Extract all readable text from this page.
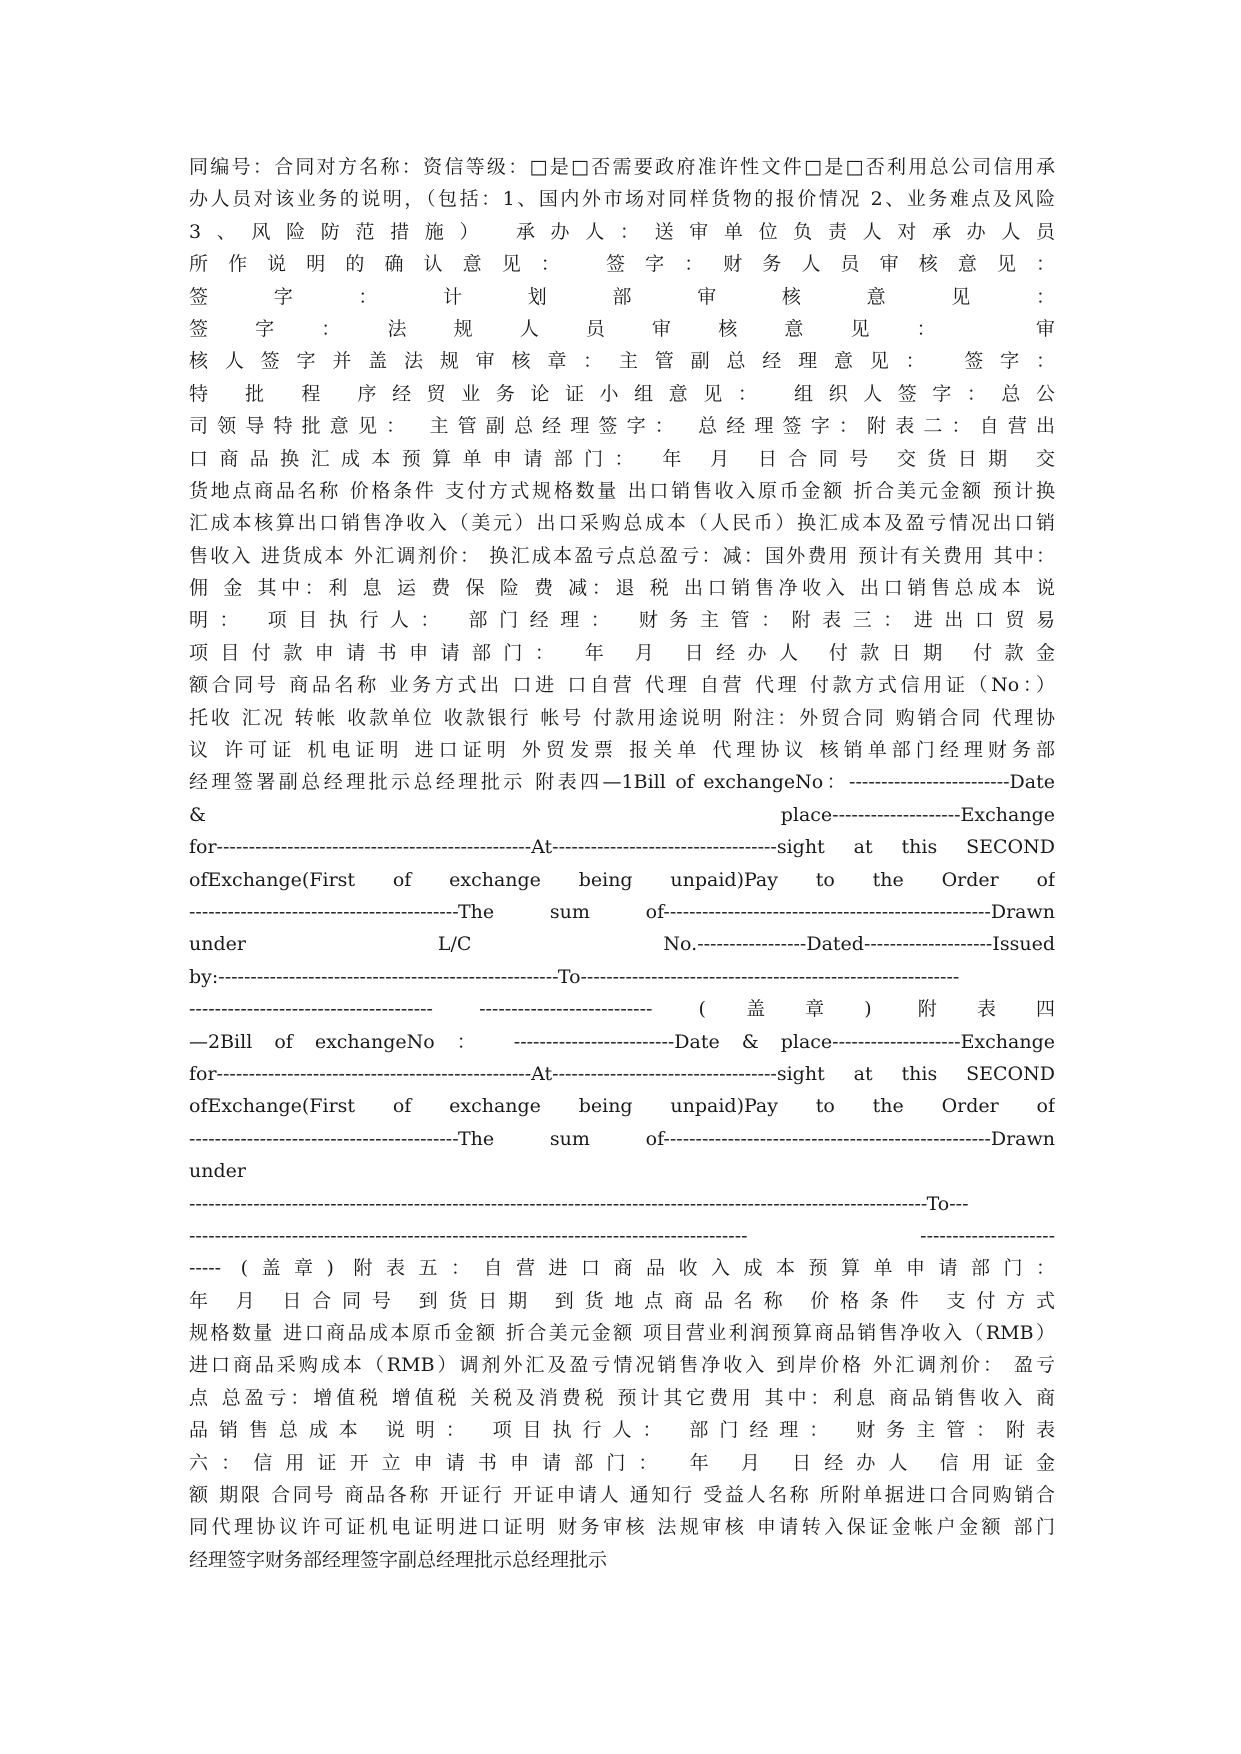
同编号：合同对方名称：资信等级：□是□否需要政府准许性文件□是□否利用总公司信用承
办人员对该业务的说明，（包括：1、国内外市场对同样货物的报价情况 2、业务难点及风险
3、风险防范措施） 承办人：送审单位负责人对承办人员
所作说明的确认意见： 签字：财务人员审核意见：
签 字 ： 计 划 部 审 核 意 见 ：
签字：法规人员审核意见： 审
核人签字并盖法规审核章：主管副总经理意见： 签字：
特 批 程 序经贸业务论证小组意见： 组织人签字：总公
司领导特批意见： 主管副总经理签字： 总经理签字：附表二：自营出
口商品换汇成本预算单申请部门： 年 月 日合同号 交货日期 交
货地点商品名称 价格条件 支付方式规格数量 出口销售收入原币金额 折合美元金额 预计换
汇成本核算出口销售净收入（美元）出口采购总成本（人民币）换汇成本及盈亏情况出口销
售收入 进货成本 外汇调剂价： 换汇成本盈亏点总盈亏：减：国外费用 预计有关费用 其中：
佣 金 其中：利 息 运 费 保 险 费 减：退 税 出口销售净收入 出口销售总成本 说
明： 项目执行人： 部门经理： 财务主管：附表三：进出口贸易
项目付款申请书申请部门： 年 月 日经办人 付款日期 付款金
额合同号 商品名称 业务方式出 口进 口自营 代理 自营 代理 付款方式信用证（No：）
托收 汇况 转帐 收款单位 收款银行 帐号 付款用途说明 附注：外贸合同 购销合同 代理协
议 许可证 机电证明 进口证明 外贸发票 报关单 代理协议 核销单部门经理财务部
经理签署副总经理批示总经理批示 附表四—1Bill of exchangeNo：-------------------------Date
& place--------------------Exchange
for-------------------------------------------------At-----------------------------------sight at this SECOND
ofExchange(First of exchange being unpaid)Pay to the Order of
------------------------------------------The sum of---------------------------------------------------Drawn
under L/C No.-----------------Dated--------------------Issued
by:-----------------------------------------------------To-----------------------------------------------------------
-------------------------------------- --------------------------- (盖章) 附表四
—2Bill of exchangeNo ： -------------------------Date & place--------------------Exchange
for-------------------------------------------------At-----------------------------------sight at this SECOND
ofExchange(First of exchange being unpaid)Pay to the Order of
------------------------------------------The sum of---------------------------------------------------Drawn
under
-------------------------------------------------------------------------------------------------------------------To---
--------------------------------------------------------------------------------------- ---------------------
----- (盖章) 附表五：自营进口商品收入成本预算单申请部门：
年 月 日合同号 到货日期 到货地点商品名称 价格条件 支付方式
规格数量 进口商品成本原币金额 折合美元金额 项目营业利润预算商品销售净收入（RMB）
进口商品采购成本（RMB）调剂外汇及盈亏情况销售净收入 到岸价格 外汇调剂价： 盈亏
点 总盈亏：增值税 增值税 关税及消费税 预计其它费用 其中：利息 商品销售收入 商
品销售总成本 说明： 项目执行人： 部门经理： 财务主管：附表
六：信用证开立申请书申请部门： 年 月 日经办人 信用证金
额 期限 合同号 商品各称 开证行 开证申请人 通知行 受益人名称 所附单据进口合同购销合
同代理协议许可证机电证明进口证明 财务审核 法规审核 申请转入保证金帐户金额 部门
经理签字财务部经理签字副总经理批示总经理批示
